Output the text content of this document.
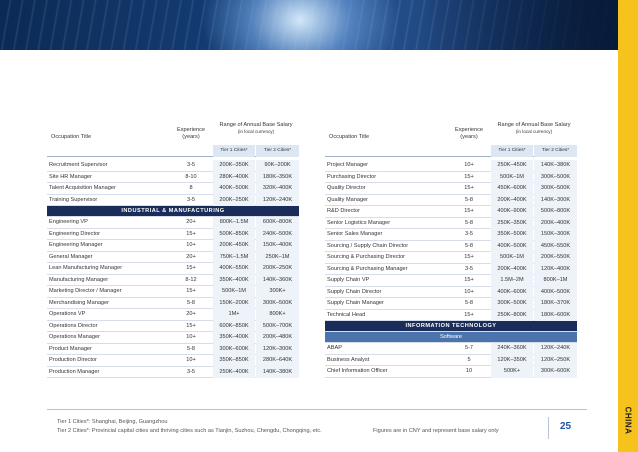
CHINA
Occupation Title
Experience
(years)
Range of Annual Base Salary
(in local currency)
Tier 1 Cities*	Tier 2 Cities*
Recruitment Supervisor	3-5	200K–350K	90K–200K
Site HR Manager	8-10	280K–400K	180K–350K
Talent Acquisition Manager	8	400K–500K	320K–400K
Training Supervisor	3-5	200K–250K	120K–240K
INDUSTRIAL & MANUFACTURING
Engineering VP	20+	800K–1.5M	600K–800K
Engineering Director	15+	500K–850K	240K–500K
Engineering Manager	10+	200K–450K	150K–400K
General Manager	20+	750K–1.5M	250K–1M
Lean Manufacturing Manager	15+	400K–550K	200K–250K
Manufacturing Manager	8-12	350K–400K	140K–360K
Marketing Director / Manager	15+	500K–1M	300K+
Merchandising Manager	5-8	150K–200K	300K–500K
Operations VP	20+	1M+	800K+
Operations Director	15+	600K–850K	500K–700K
Operations Manager	10+	350K–400K	200K–480K
Product Manager	5-8	300K–600K	120K–300K
Production Director	10+	350K–850K	280K–640K
Production Manager	3-5	250K–400K	140K–380K
Occupation Title
Experience
(years)
Range of Annual Base Salary
(in local currency)
Tier 1 Cities*	Tier 2 Cities*
Project Manager	10+	250K–450K	140K–380K
Purchasing Director	15+	500K–1M	300K–500K
Quality Director	15+	450K–600K	300K–500K
Quality Manager	5-8	200K–400K	140K–300K
R&D Director	15+	400K–900K	500K–800K
Senior Logistics Manager	5-8	250K–350K	200K–400K
Senior Sales Manager	3-5	350K–500K	150K–300K
Sourcing / Supply Chain Director	5-8	400K–500K	450K–550K
Sourcing & Purchasing Director	15+	500K–1M	200K–550K
Sourcing & Purchasing Manager	3-5	200K–400K	120K–400K
Supply Chain VP	15+	1.5M–2M	800K–1M
Supply Chain Director	10+	400K–600K	400K–500K
Supply Chain Manager	5-8	300K–500K	180K–370K
Technical Head	15+	250K–800K	180K–600K
INFORMATION TECHNOLOGY
Software
ABAP	5-7	240K–360K	120K–240K
Business Analyst	5	120K–350K	120K–250K
Chief Information Officer	10	500K+	300K–600K
Tier 1 Cities*: Shanghai, Beijing, Guangzhou
Tier 2 Cities*: Provincial capital cities and thriving cities such as Tianjin, Suzhou, Chengdu, Chongqing, etc.	Figures are in CNY and represent base salary only	25
